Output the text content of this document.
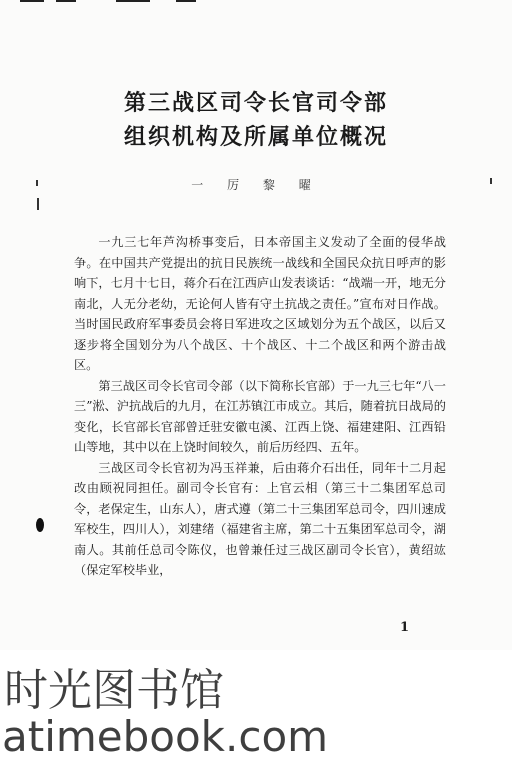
第三战区司令长官司令部
组织机构及所属单位概况
一 厉 黎 曜

一九三七年芦沟桥事变后，日本帝国主义发动了全面的侵华战争。在中国共产党提出的抗日民族统一战线和全国民众抗日呼声的影响下，七月十七日，蒋介石在江西庐山发表谈话：“战端一开，地无分南北，人无分老幼，无论何人皆有守土抗战之责任。”宣布对日作战。当时国民政府军事委员会将日军进攻之区域划分为五个战区，以后又逐步将全国划分为八个战区、十个战区、十二个战区和两个游击战区。

第三战区司令长官司令部（以下简称长官部）于一九三七年“八一三”淞、沪抗战后的九月，在江苏镇江市成立。其后，随着抗日战局的变化，长官部长官部曾迁驻安徽屯溪、江西上饶、福建建阳、江西铅山等地，其中以在上饶时间较久，前后历经四、五年。

三战区司令长官初为冯玉祥兼，后由蒋介石出任，同年十二月起改由顾祝同担任。副司令长官有：上官云相（第三十二集团军总司令，老保定生，山东人），唐式遵（第二十三集团军总司令，四川速成军校生，四川人），刘建绪（福建省主席，第二十五集团军总司令，湖南人。其前任总司令陈仪，也曾兼任过三战区副司令长官），黄绍竑（保定军校毕业，

1
时光图书馆
atimebook.com
